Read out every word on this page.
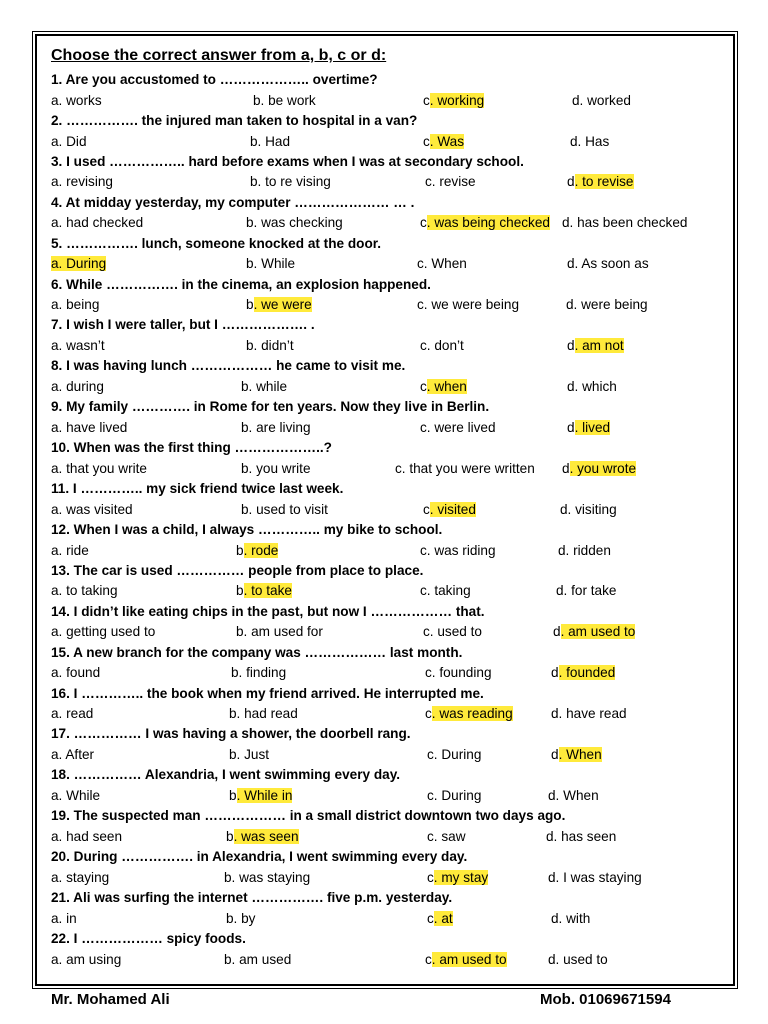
Choose the correct answer from a, b, c or d:
1. Are you accustomed to ……………….. overtime?
a. works	b. be work	c. working	d. worked
2. ……………. the injured man taken to hospital in a van?
a. Did	b. Had	c. Was	d. Has
3. I used …………….. hard before exams when I was at secondary school.
a. revising	b. to re vising	c. revise	d. to revise
4. At midday yesterday, my computer ………………… … .
a. had checked	b. was checking	c. was being checked d. has been checked
5. ……………. lunch, someone knocked at the door.
a. During	b. While	c. When	d. As soon as
6. While ……………. in the cinema, an explosion happened.
a. being	b. we were	c. we were being	d. were being
7. I wish I were taller, but I ………………. .
a. wasn’t	b. didn’t	c. don’t	d. am not
8. I was having lunch ……………… he came to visit me.
a. during	b. while	c. when	d. which
9. My family …………. in Rome for ten years. Now they live in Berlin.
a. have lived	b. are living	c. were lived	d. lived
10. When was the first thing ………………..?
a. that you write	b. you write	c. that you were written d. you wrote
11. I ………….. my sick friend twice last week.
a. was visited	b. used to visit	c. visited	d. visiting
12. When I was a child, I always ………….. my bike to school.
a. ride	b. rode	c. was riding	d. ridden
13. The car is used …………… people from place to place.
a. to taking	b. to take	c. taking	d. for take
14. I didn’t like eating chips in the past, but now I ……………… that.
a. getting used to	b. am used for	c. used to	d. am used to
15. A new branch for the company was ……………… last month.
a. found	b. finding	c. founding	d. founded
16. I ………….. the book when my friend arrived. He interrupted me.
a. read	b. had read	c. was reading	d. have read
17. …………… I was having a shower, the doorbell rang.
a. After	b. Just	c. During	d. When
18. …………… Alexandria, I went swimming every day.
a. While	b. While in	c. During	d. When
19. The suspected man ……………… in a small district downtown two days ago.
a. had seen	b. was seen	c. saw	d. has seen
20. During ……………. in Alexandria, I went swimming every day.
a. staying	b. was staying	c. my stay	d. I was staying
21. Ali was surfing the internet ……………. five p.m. yesterday.
a. in	b. by	c. at	d. with
22. I ……………… spicy foods.
a. am using	b. am used	c. am used to	d. used to
Mr. Mohamed Ali	Mob. 01069671594
